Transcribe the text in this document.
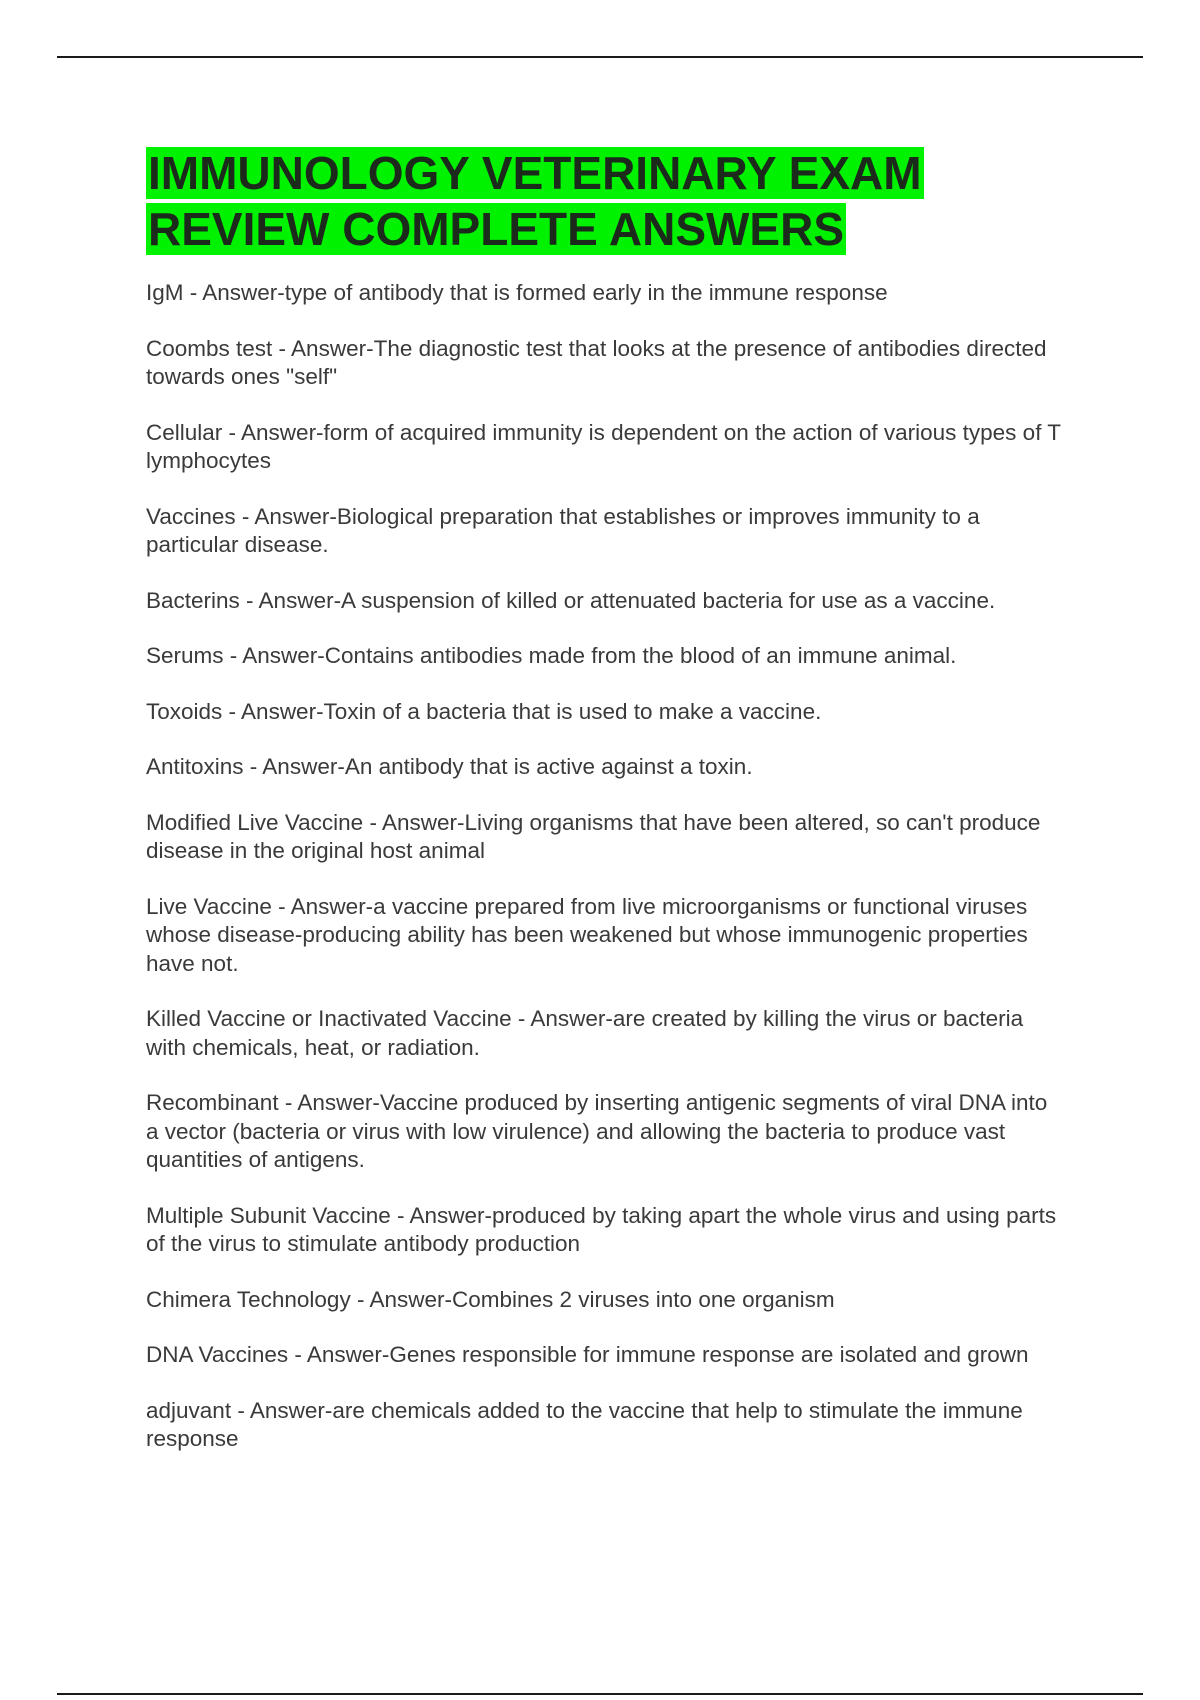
IMMUNOLOGY VETERINARY EXAM REVIEW COMPLETE ANSWERS
IgM - Answer-type of antibody that is formed early in the immune response
Coombs test - Answer-The diagnostic test that looks at the presence of antibodies directed towards ones "self"
Cellular - Answer-form of acquired immunity is dependent on the action of various types of T lymphocytes
Vaccines - Answer-Biological preparation that establishes or improves immunity to a particular disease.
Bacterins - Answer-A suspension of killed or attenuated bacteria for use as a vaccine.
Serums - Answer-Contains antibodies made from the blood of an immune animal.
Toxoids - Answer-Toxin of a bacteria that is used to make a vaccine.
Antitoxins - Answer-An antibody that is active against a toxin.
Modified Live Vaccine - Answer-Living organisms that have been altered, so can't produce disease in the original host animal
Live Vaccine - Answer-a vaccine prepared from live microorganisms or functional viruses whose disease-producing ability has been weakened but whose immunogenic properties have not.
Killed Vaccine or Inactivated Vaccine - Answer-are created by killing the virus or bacteria with chemicals, heat, or radiation.
Recombinant - Answer-Vaccine produced by inserting antigenic segments of viral DNA into a vector (bacteria or virus with low virulence) and allowing the bacteria to produce vast quantities of antigens.
Multiple Subunit Vaccine - Answer-produced by taking apart the whole virus and using parts of the virus to stimulate antibody production
Chimera Technology - Answer-Combines 2 viruses into one organism
DNA Vaccines - Answer-Genes responsible for immune response are isolated and grown
adjuvant - Answer-are chemicals added to the vaccine that help to stimulate the immune response
